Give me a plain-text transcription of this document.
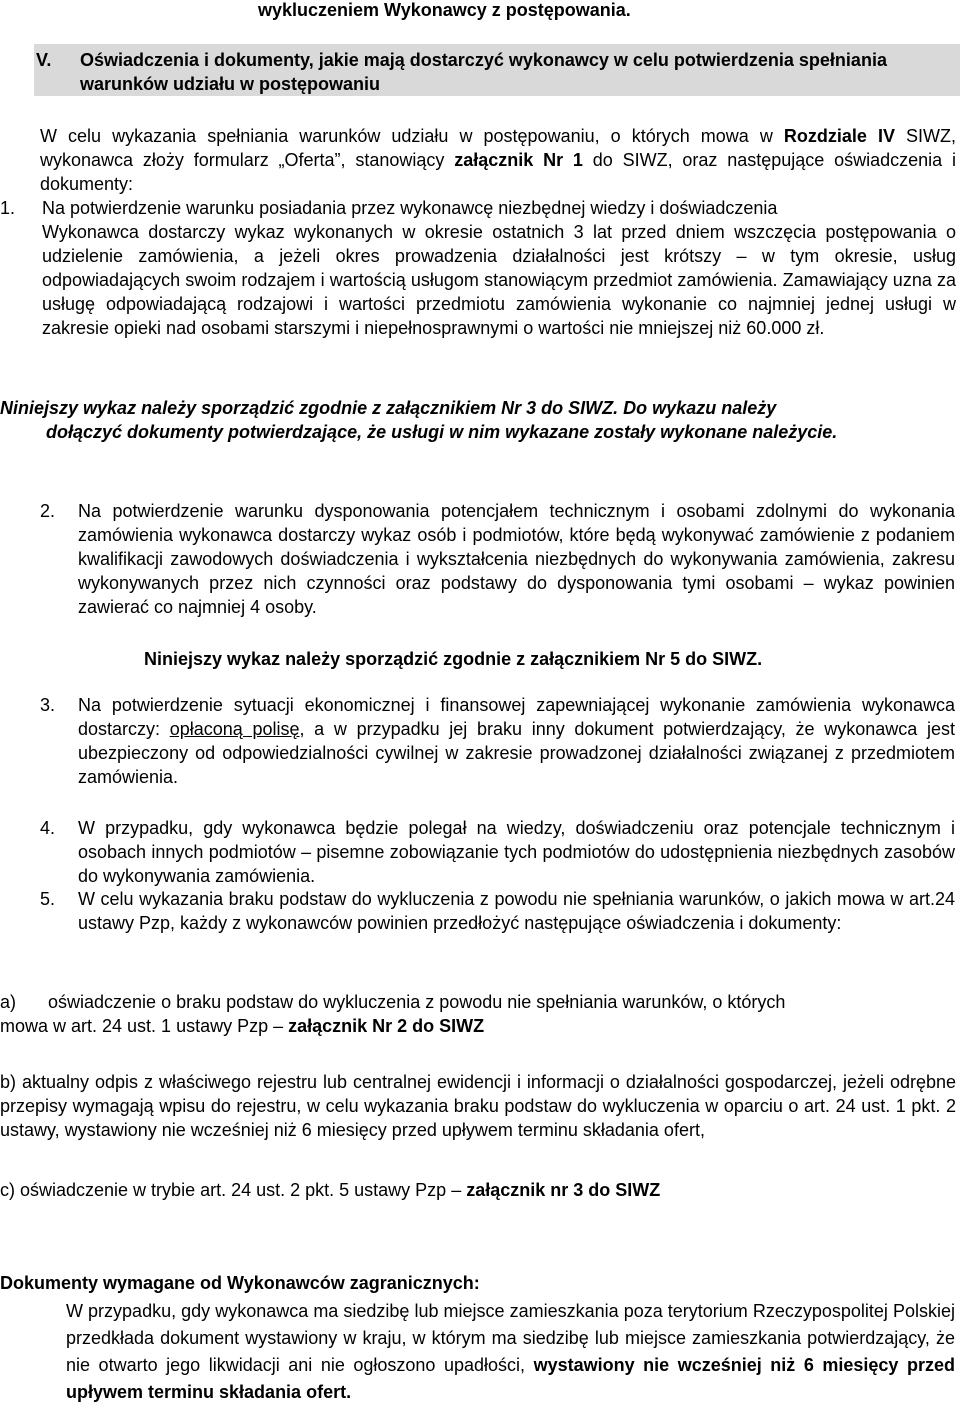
wykluczeniem Wykonawcy z postępowania.
V. Oświadczenia i dokumenty, jakie mają dostarczyć wykonawcy w celu potwierdzenia spełniania warunków udziału w postępowaniu
W celu wykazania spełniania warunków udziału w postępowaniu, o których mowa w Rozdziale IV SIWZ, wykonawca złoży formularz „Oferta”, stanowiący załącznik Nr 1 do SIWZ, oraz następujące oświadczenia i dokumenty:
1. Na potwierdzenie warunku posiadania przez wykonawcę niezbędnej wiedzy i doświadczenia
Wykonawca dostarczy wykaz wykonanych w okresie ostatnich 3 lat przed dniem wszczęcia postępowania o udzielenie zamówienia, a jeżeli okres prowadzenia działalności jest krótszy – w tym okresie, usług odpowiadających swoim rodzajem i wartością usługom stanowiącym przedmiot zamówienia. Zamawiający uzna za usługę odpowiadającą rodzajowi i wartości przedmiotu zamówienia wykonanie co najmniej jednej usługi w zakresie opieki nad osobami starszymi i niepełnosprawnymi o wartości nie mniejszej niż 60.000 zł.
Niniejszy wykaz należy sporządzić zgodnie z załącznikiem Nr 3 do SIWZ. Do wykazu należy
dołączyć dokumenty potwierdzające, że usługi w nim wykazane zostały wykonane należycie.
2. Na potwierdzenie warunku dysponowania potencjałem technicznym i osobami zdolnymi do wykonania zamówienia wykonawca dostarczy wykaz osób i podmiotów, które będą wykonywać zamówienie z podaniem kwalifikacji zawodowych doświadczenia i wykształcenia niezbędnych do wykonywania zamówienia, zakresu wykonywanych przez nich czynności oraz podstawy do dysponowania tymi osobami – wykaz powinien zawierać co najmniej 4 osoby.
Niniejszy wykaz należy sporządzić zgodnie z załącznikiem Nr 5 do SIWZ.
3. Na potwierdzenie sytuacji ekonomicznej i finansowej zapewniającej wykonanie zamówienia wykonawca dostarczy: opłaconą polisę, a w przypadku jej braku inny dokument potwierdzający, że wykonawca jest ubezpieczony od odpowiedzialności cywilnej w zakresie prowadzonej działalności związanej z przedmiotem zamówienia.
4. W przypadku, gdy wykonawca będzie polegał na wiedzy, doświadczeniu oraz potencjale technicznym i osobach innych podmiotów – pisemne zobowiązanie tych podmiotów do udostępnienia niezbędnych zasobów do wykonywania zamówienia.
5. W celu wykazania braku podstaw do wykluczenia z powodu nie spełniania warunków, o jakich mowa w art.24 ustawy Pzp, każdy z wykonawców powinien przedłożyć następujące oświadczenia i dokumenty:
a) oświadczenie o braku podstaw do wykluczenia z powodu nie spełniania warunków, o których
mowa w art. 24 ust. 1 ustawy Pzp – załącznik Nr 2 do SIWZ
b) aktualny odpis z właściwego rejestru lub centralnej ewidencji i informacji o działalności gospodarczej, jeżeli odrębne przepisy wymagają wpisu do rejestru, w celu wykazania braku podstaw do wykluczenia w oparciu o art. 24 ust. 1 pkt. 2 ustawy, wystawiony nie wcześniej niż 6 miesięcy przed upływem terminu składania ofert,
c) oświadczenie w trybie art. 24 ust. 2 pkt. 5 ustawy Pzp – załącznik nr 3 do SIWZ
Dokumenty wymagane od Wykonawców zagranicznych:
W przypadku, gdy wykonawca ma siedzibę lub miejsce zamieszkania poza terytorium Rzeczypospolitej Polskiej przedkłada dokument wystawiony w kraju, w którym ma siedzibę lub miejsce zamieszkania potwierdzający, że nie otwarto jego likwidacji ani nie ogłoszono upadłości, wystawiony nie wcześniej niż 6 miesięcy przed upływem terminu składania ofert.
